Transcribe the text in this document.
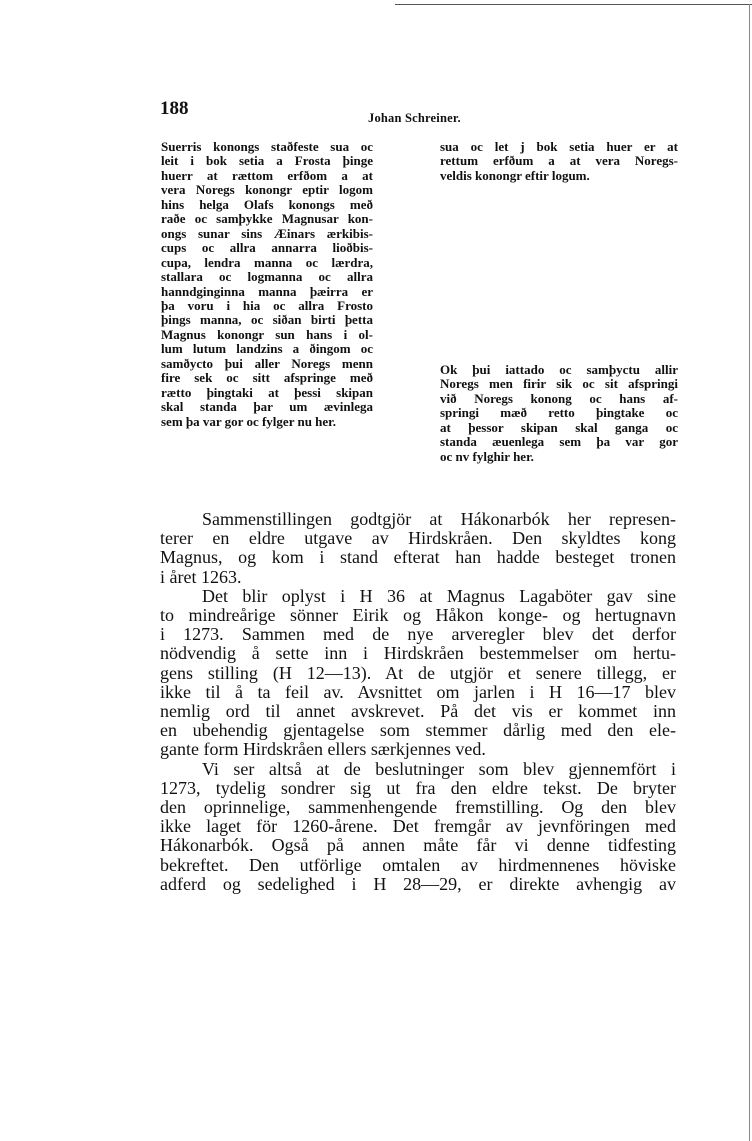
188	Johan Schreiner.
Suerris konongs staðfeste sua oc
leit i bok setia a Frosta þinge
huerr at rættom erfðom a at
vera Noregs konongr eptir logom
hins helga Olafs konongs með
raðe oc samþykke Magnusar kon-
ongs sunar sins Æinars ærkibis-
cups oc allra annarra lioðbis-
cupa, lendra manna oc lærdra,
stallara oc logmanna oc allra
hanndginginna manna þæirra er
þa voru i hia oc allra Frosto
þings manna, oc siðan birti þetta
Magnus konongr sun hans i ol-
lum lutum landzins a ðingom oc
samðycto þui aller Noregs menn
fire sek oc sitt afspringe með
rætto þingtaki at þessi skipan
skal standa þar um ævinlega
sem þa var gor oc fylger nu her.
sua oc let j bok setia huer er at
rettum erfðum a at vera Noregs-
veldis konongr eftir logum.
Ok þui iattado oc samþyctu allir
Noregs men firir sik oc sit afspringi
við Noregs konong oc hans af-
springi mæð retto þingtake oc
at þessor skipan skal ganga oc
standa æuenlega sem þa var gor
oc nv fylghir her.
Sammenstillingen godtgjör at Hákonarbók her represen-
terer en eldre utgave av Hirdskråen. Den skyldtes kong
Magnus, og kom i stand efterat han hadde besteget tronen
i året 1263.
Det blir oplyst i H 36 at Magnus Lagaböter gav sine
to mindreårige sönner Eirik og Håkon konge- og hertugnavn
i 1273. Sammen med de nye arveregler blev det derfor
nödvendig å sette inn i Hirdskråen bestemmelser om hertu-
gens stilling (H 12—13). At de utgjör et senere tillegg, er
ikke til å ta feil av. Avsnittet om jarlen i H 16—17 blev
nemlig ord til annet avskrevet. På det vis er kommet inn
en ubehendig gjentagelse som stemmer dårlig med den ele-
gante form Hirdskråen ellers særkjennes ved.
Vi ser altså at de beslutninger som blev gjennemfört i
1273, tydelig sondrer sig ut fra den eldre tekst. De bryter
den oprinnelige, sammenhengende fremstilling. Og den blev
ikke laget för 1260-årene. Det fremgår av jevnföringen med
Hákonarbók. Også på annen måte får vi denne tidfesting
bekreftet. Den utförlige omtalen av hirdmennenes höviske
adferd og sedelighed i H 28—29, er direkte avhengig av
